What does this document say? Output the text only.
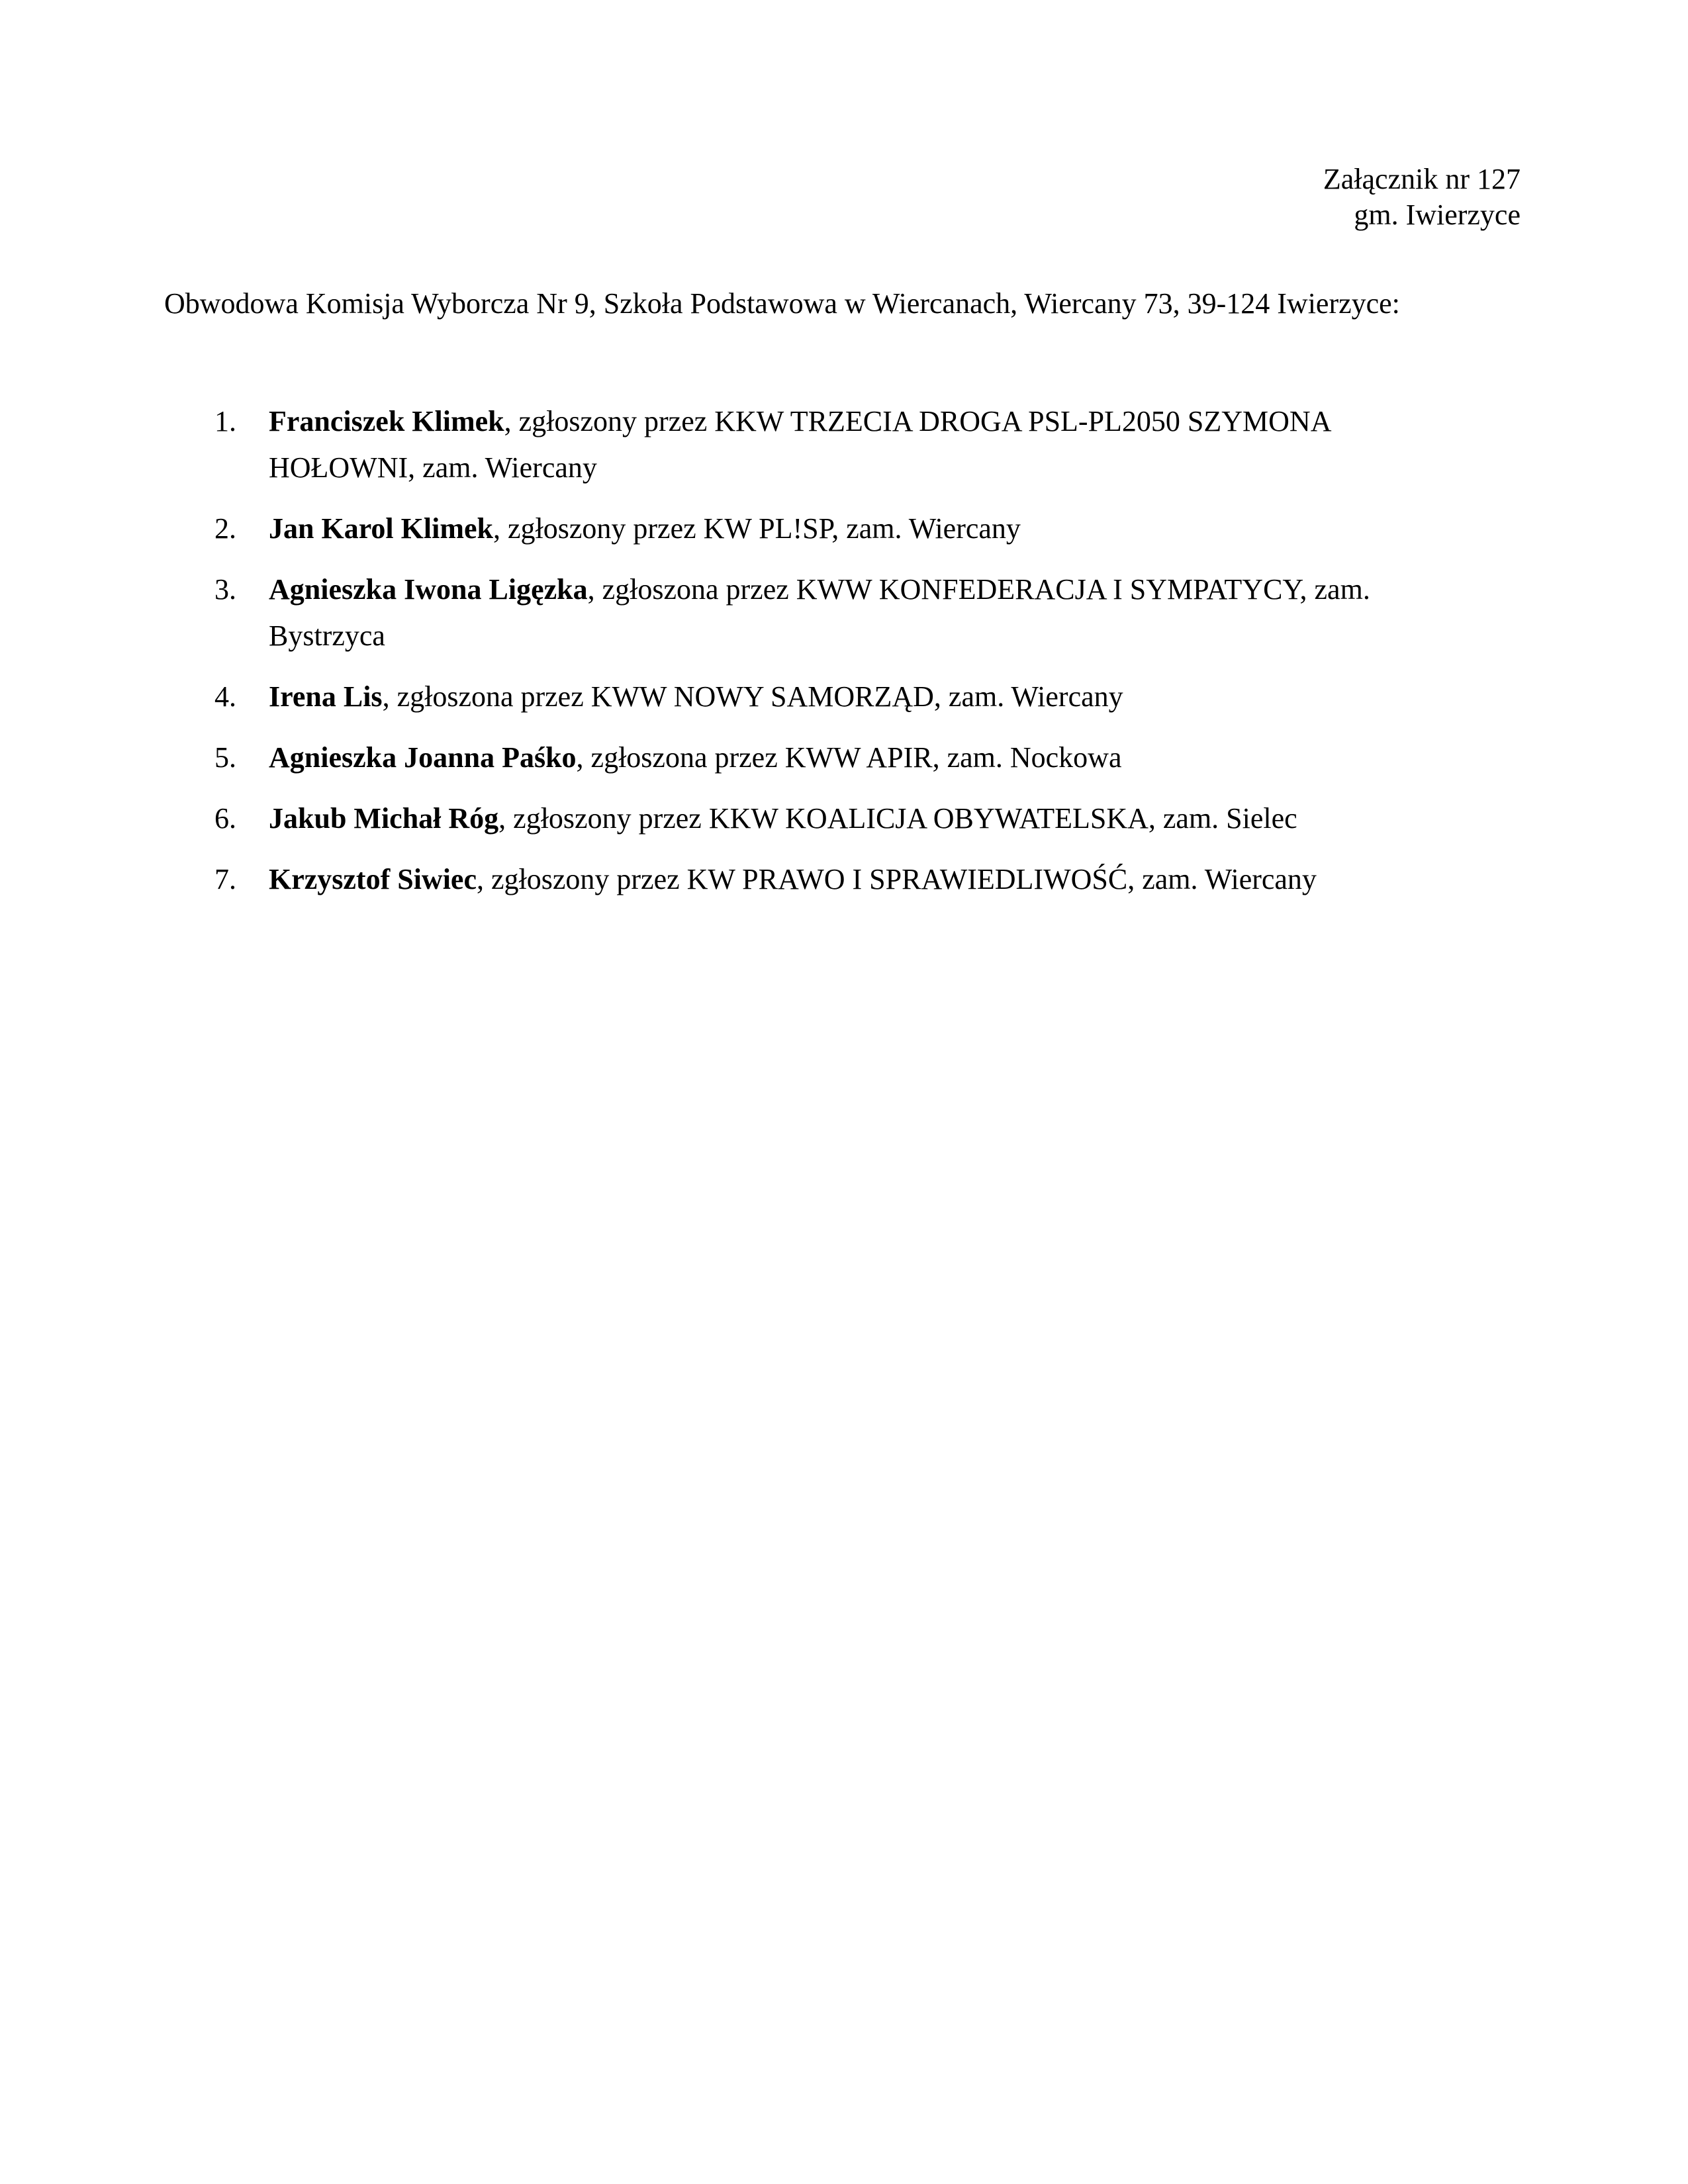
Załącznik nr 127
gm. Iwierzyce
Obwodowa Komisja Wyborcza Nr 9, Szkoła Podstawowa w Wiercanach, Wiercany 73, 39-124 Iwierzyce:
1. Franciszek Klimek, zgłoszony przez KKW TRZECIA DROGA PSL-PL2050 SZYMONA HOŁOWNI, zam. Wiercany
2. Jan Karol Klimek, zgłoszony przez KW PL!SP, zam. Wiercany
3. Agnieszka Iwona Ligęzka, zgłoszona przez KWW KONFEDERACJA I SYMPATYCY, zam. Bystrzyca
4. Irena Lis, zgłoszona przez KWW NOWY SAMORZĄD, zam. Wiercany
5. Agnieszka Joanna Paśko, zgłoszona przez KWW APIR, zam. Nockowa
6. Jakub Michał Róg, zgłoszony przez KKW KOALICJA OBYWATELSKA, zam. Sielec
7. Krzysztof Siwiec, zgłoszony przez KW PRAWO I SPRAWIEDLIWOŚĆ, zam. Wiercany
